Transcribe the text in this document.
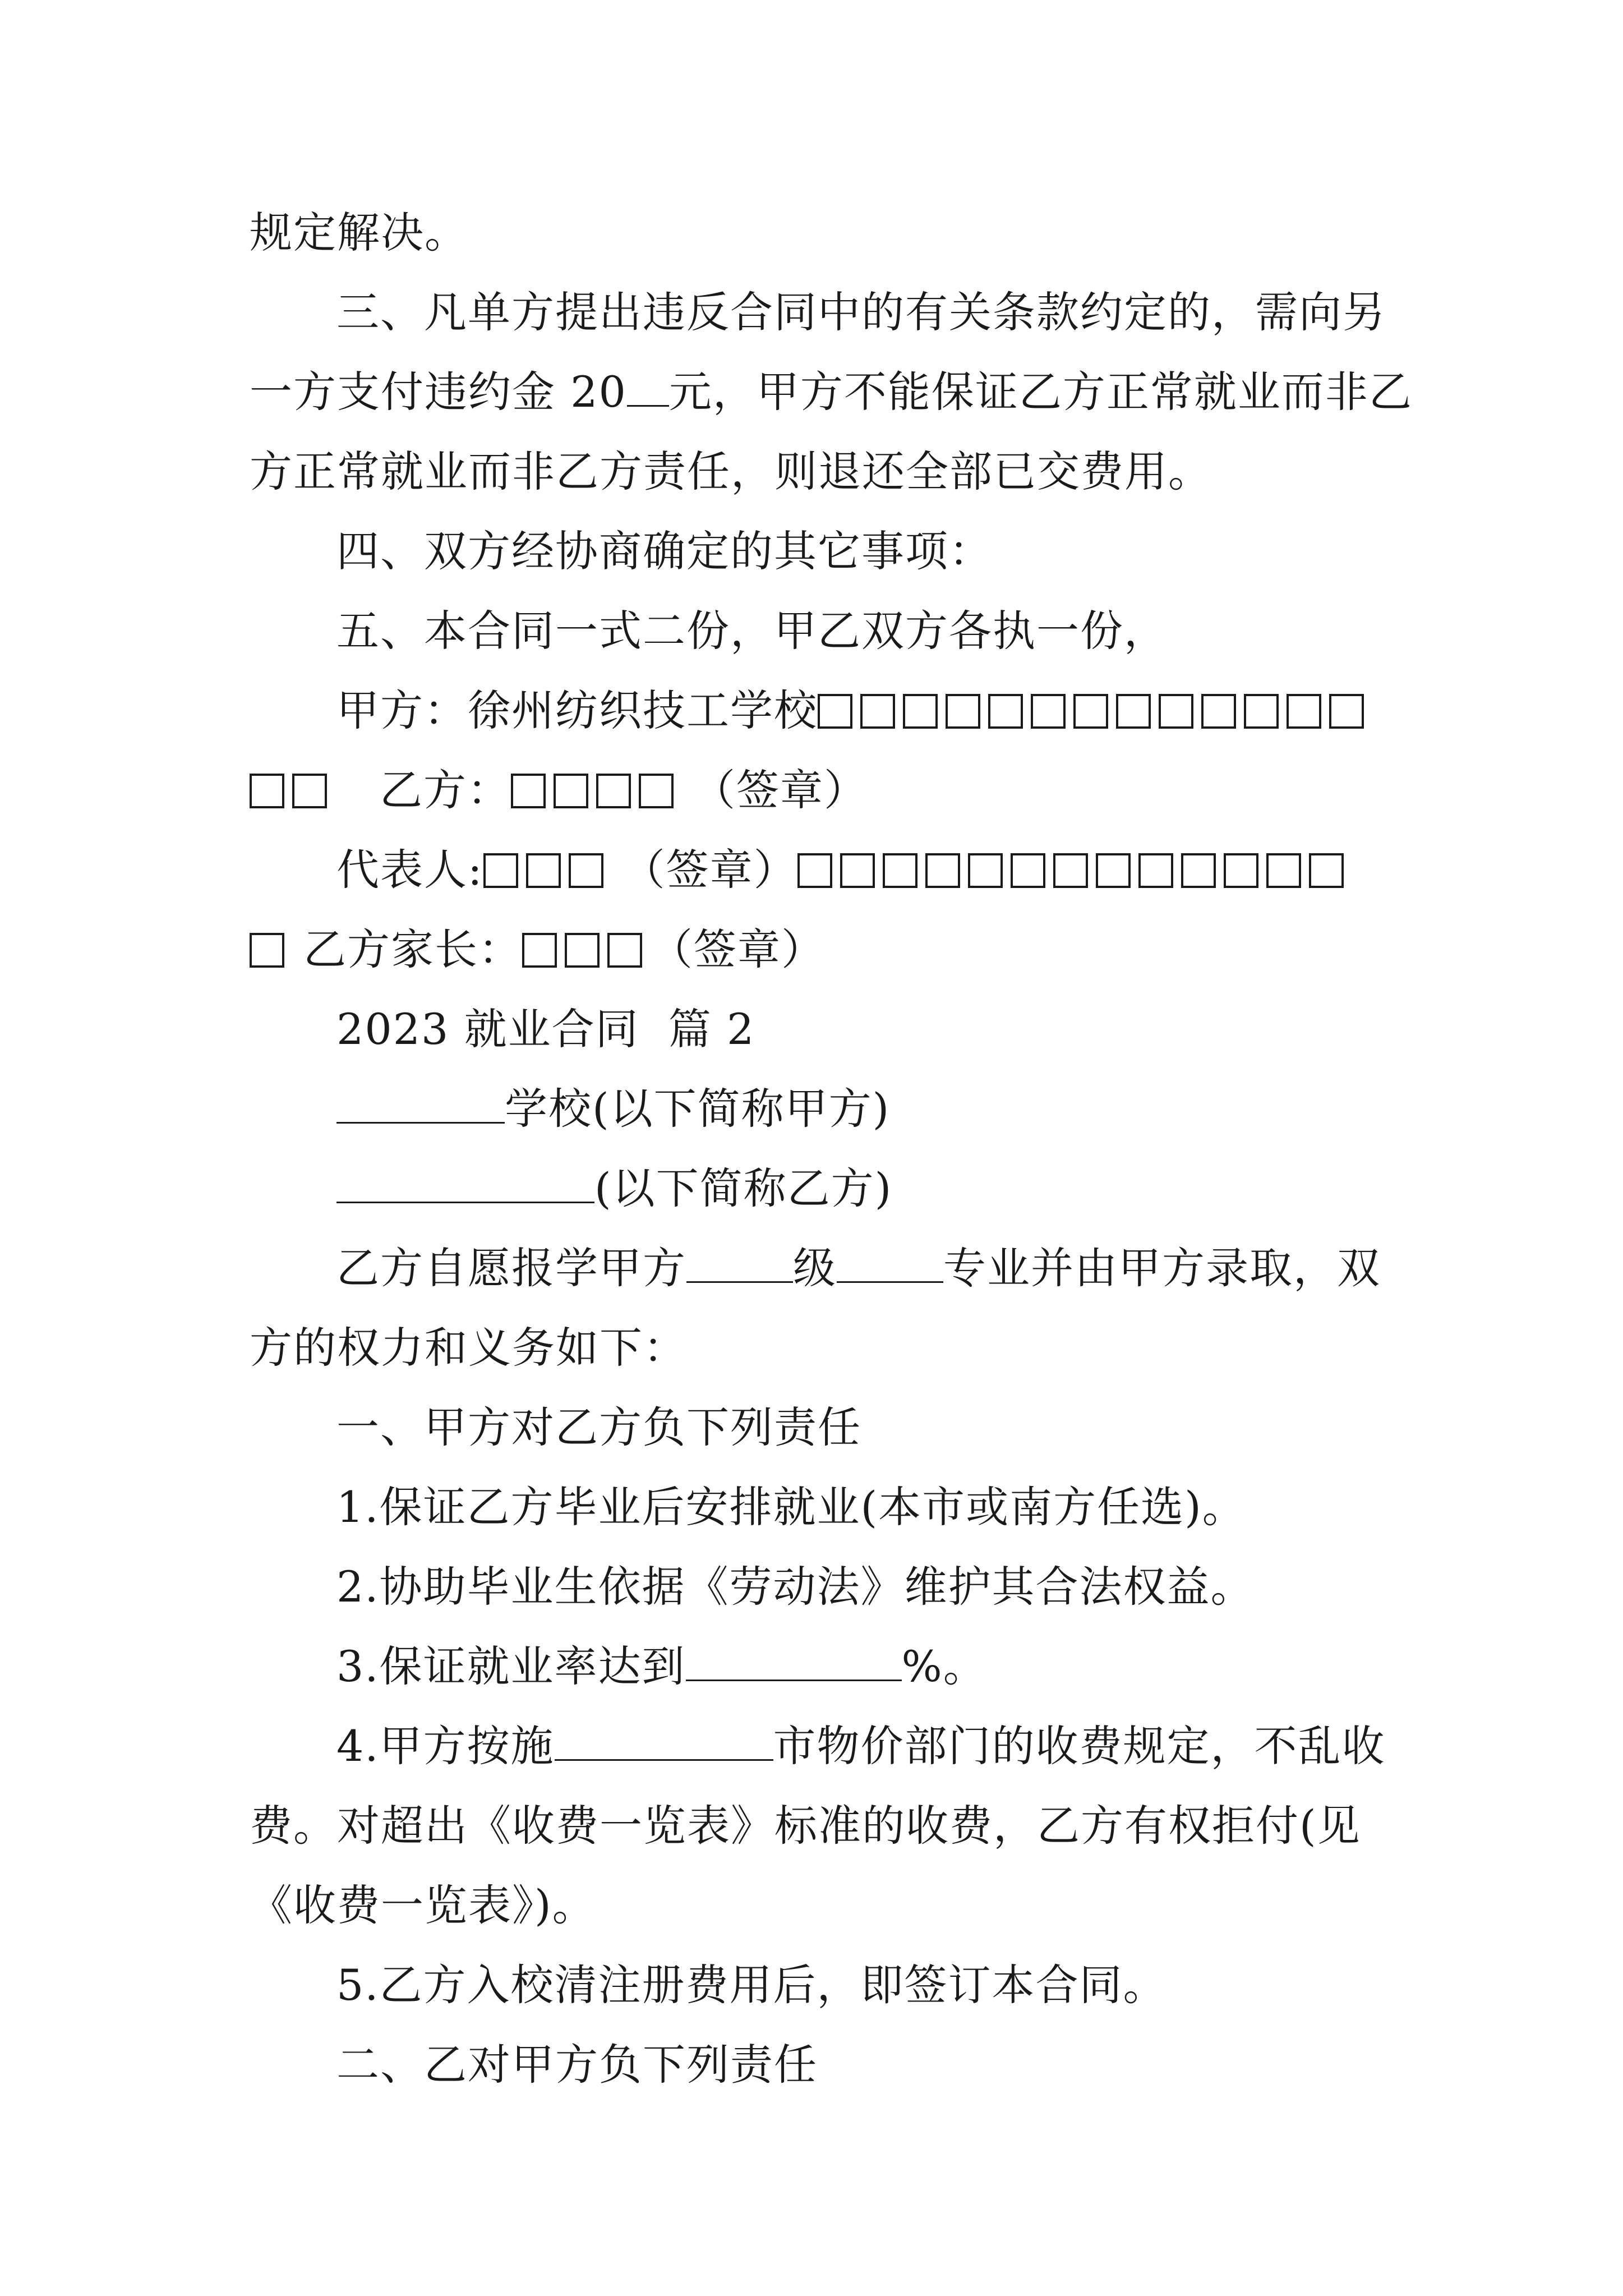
规定解决。
三、凡单方提出违反合同中的有关条款约定的，需向另
一方支付违约金 20 元，甲方不能保证乙方正常就业而非乙
方正常就业而非乙方责任，则退还全部已交费用。
四、双方经协商确定的其它事项：
五、本合同一式二份，甲乙双方各执一份，
甲方：徐州纺织技工学校
乙方：	（签章）
代表人:	（签章）
乙方家长：	（签章）
2023 就业合同  篇 2
学校(以下简称甲方)
(以下简称乙方)
乙方自愿报学甲方	级	专业并由甲方录取，双
方的权力和义务如下：
一、甲方对乙方负下列责任
1.保证乙方毕业后安排就业(本市或南方任选)。
2.协助毕业生依据《劳动法》维护其合法权益。
3.保证就业率达到	%。
4.甲方按施	市物价部门的收费规定，不乱收
费。对超出《收费一览表》标准的收费，乙方有权拒付(见
《收费一览表》)。
5.乙方入校清注册费用后，即签订本合同。
二、乙对甲方负下列责任
